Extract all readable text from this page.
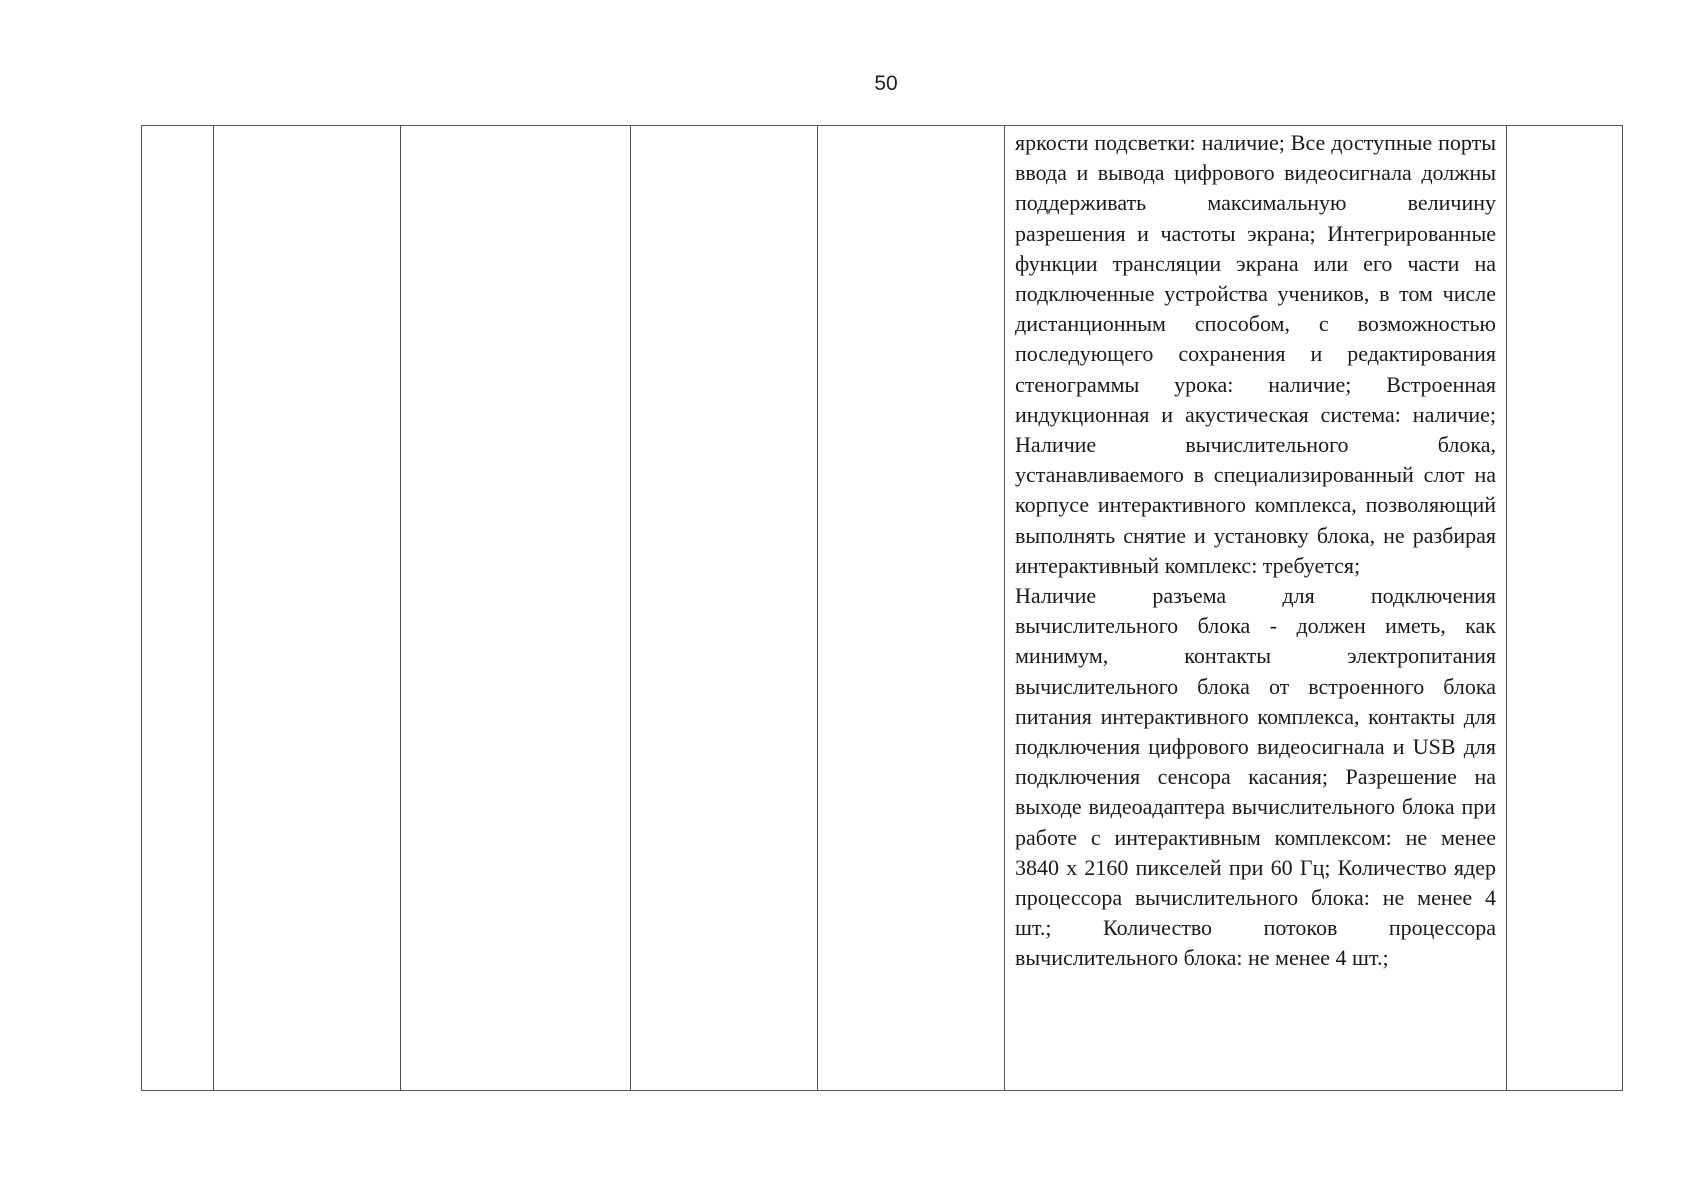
50

яркости подсветки: наличие; Все доступные порты ввода и вывода цифрового видеосигнала должны поддерживать максимальную величину разрешения и частоты экрана; Интегрированные функции трансляции экрана или его части на подключенные устройства учеников, в том числе дистанционным способом, с возможностью последующего сохранения и редактирования стенограммы урока: наличие; Встроенная индукционная и акустическая система: наличие; Наличие вычислительного блока, устанавливаемого в специализированный слот на корпусе интерактивного комплекса, позволяющий выполнять снятие и установку блока, не разбирая интерактивный комплекс: требуется;

Наличие разъема для подключения вычислительного блока - должен иметь, как минимум, контакты электропитания вычислительного блока от встроенного блока питания интерактивного комплекса, контакты для подключения цифрового видеосигнала и USB для подключения сенсора касания; Разрешение на выходе видеоадаптера вычислительного блока при работе с интерактивным комплексом: не менее 3840 х 2160 пикселей при 60 Гц; Количество ядер процессора вычислительного блока: не менее 4 шт.; Количество потоков процессора вычислительного блока: не менее 4 шт.;
